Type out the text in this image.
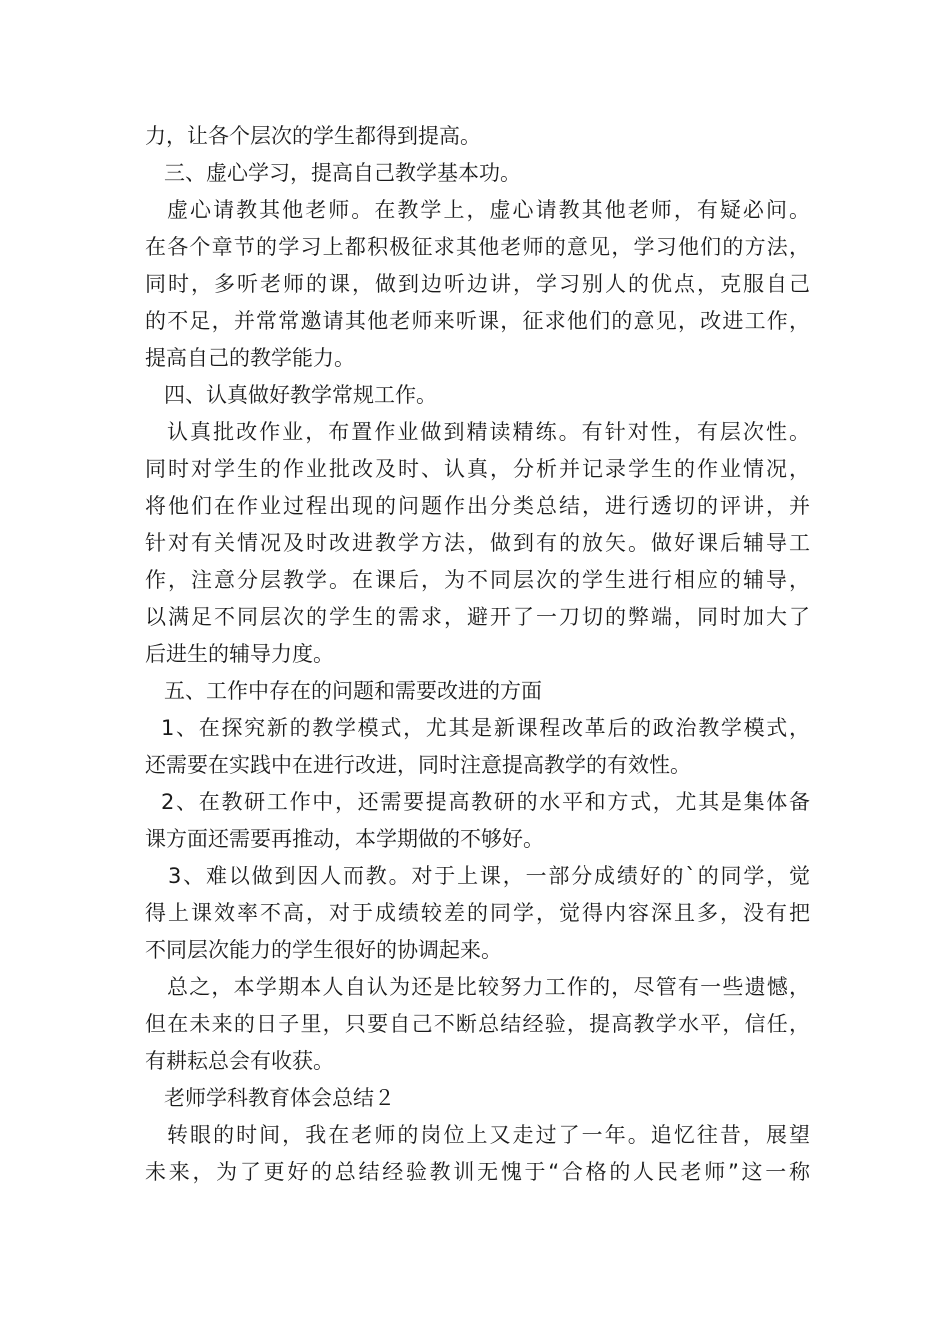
力，让各个层次的学生都得到提高。
三、虚心学习，提高自己教学基本功。
虚心请教其他老师。在教学上，虚心请教其他老师，有疑必问。
在各个章节的学习上都积极征求其他老师的意见，学习他们的方法，
同时，多听老师的课，做到边听边讲，学习别人的优点，克服自己
的不足，并常常邀请其他老师来听课，征求他们的意见，改进工作，
提高自己的教学能力。
四、认真做好教学常规工作。
认真批改作业，布置作业做到精读精练。有针对性，有层次性。
同时对学生的作业批改及时、认真，分析并记录学生的作业情况，
将他们在作业过程出现的问题作出分类总结，进行透切的评讲，并
针对有关情况及时改进教学方法，做到有的放矢。做好课后辅导工
作，注意分层教学。在课后，为不同层次的学生进行相应的辅导，
以满足不同层次的学生的需求，避开了一刀切的弊端，同时加大了
后进生的辅导力度。
五、工作中存在的问题和需要改进的方面
1、在探究新的教学模式，尤其是新课程改革后的政治教学模式，
还需要在实践中在进行改进，同时注意提高教学的有效性。
2、在教研工作中，还需要提高教研的水平和方式，尤其是集体备
课方面还需要再推动，本学期做的不够好。
3、难以做到因人而教。对于上课，一部分成绩好的`的同学，觉
得上课效率不高，对于成绩较差的同学，觉得内容深且多，没有把
不同层次能力的学生很好的协调起来。
总之，本学期本人自认为还是比较努力工作的，尽管有一些遗憾，
但在未来的日子里，只要自己不断总结经验，提高教学水平，信任，
有耕耘总会有收获。
老师学科教育体会总结２
转眼的时间，我在老师的岗位上又走过了一年。追忆往昔，展望
未来，为了更好的总结经验教训无愧于“合格的人民老师”这一称
